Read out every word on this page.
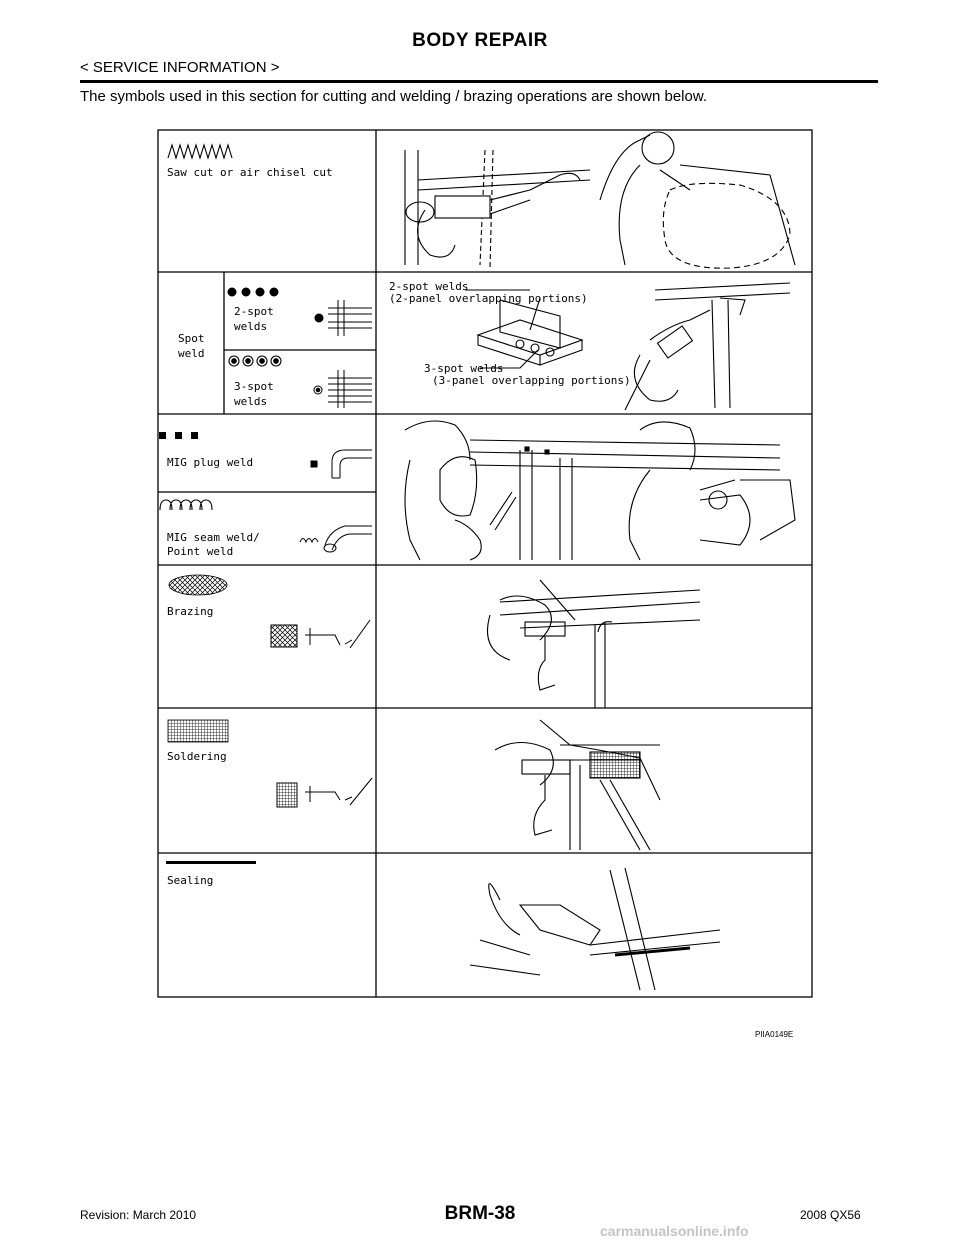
BODY REPAIR
< SERVICE INFORMATION >
The symbols used in this section for cutting and welding / brazing operations are shown below.
Saw cut or air chisel cut
Spot
weld
2-spot
welds
3-spot
welds
2-spot welds
(2-panel overlapping portions)
3-spot welds
(3-panel overlapping portions)
MIG plug weld
MIG seam weld/
Point weld
Brazing
Soldering
Sealing
PIIA0149E
Revision: March 2010	BRM-38	2008 QX56
carmanualsonline.info
